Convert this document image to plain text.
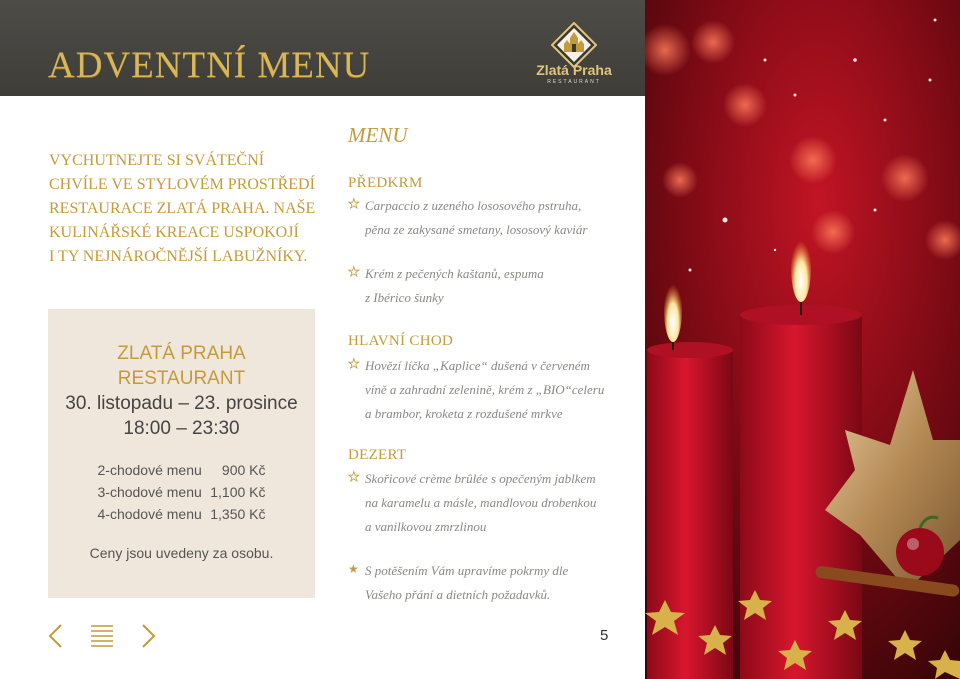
ADVENTNÍ MENU	Zlatá Praha
RESTAURANT
VYCHUTNEJTE SI SVÁTEČNÍ
CHVÍLE VE STYLOVÉM PROSTŘEDÍ
RESTAURACE ZLATÁ PRAHA. NAŠE
KULINÁŘSKÉ KREACE USPOKOJÍ
I TY NEJNÁROČNĚJŠÍ LABUŽNÍKY.
ZLATÁ PRAHA
RESTAURANT
30. listopadu – 23. prosince
18:00 – 23:30
2-chodové menu 900 Kč
3-chodové menu 1,100 Kč
4-chodové menu 1,350 Kč
Ceny jsou uvedeny za osobu.
MENU
PŘEDKRM
★ Carpaccio z uzeného lososového pstruha,
pěna ze zakysané smetany, lososový kaviár
★ Krém z pečených kaštanů, espuma
z Ibérico šunky
HLAVNÍ CHOD
★ Hovězí líčka „Kaplice“ dušená v červeném
víně a zahradní zelenině, krém z „BIO“celeru
a brambor, kroketa z rozdušené mrkve
DEZERT
★ Skořicové crème brûlée s opečeným jablkem
na karamelu a másle, mandlovou drobenkou
a vanilkovou zmrzlinou
★ S potěšením Vám upravíme pokrmy dle
Vašeho přání a dietních požadavků.
5
